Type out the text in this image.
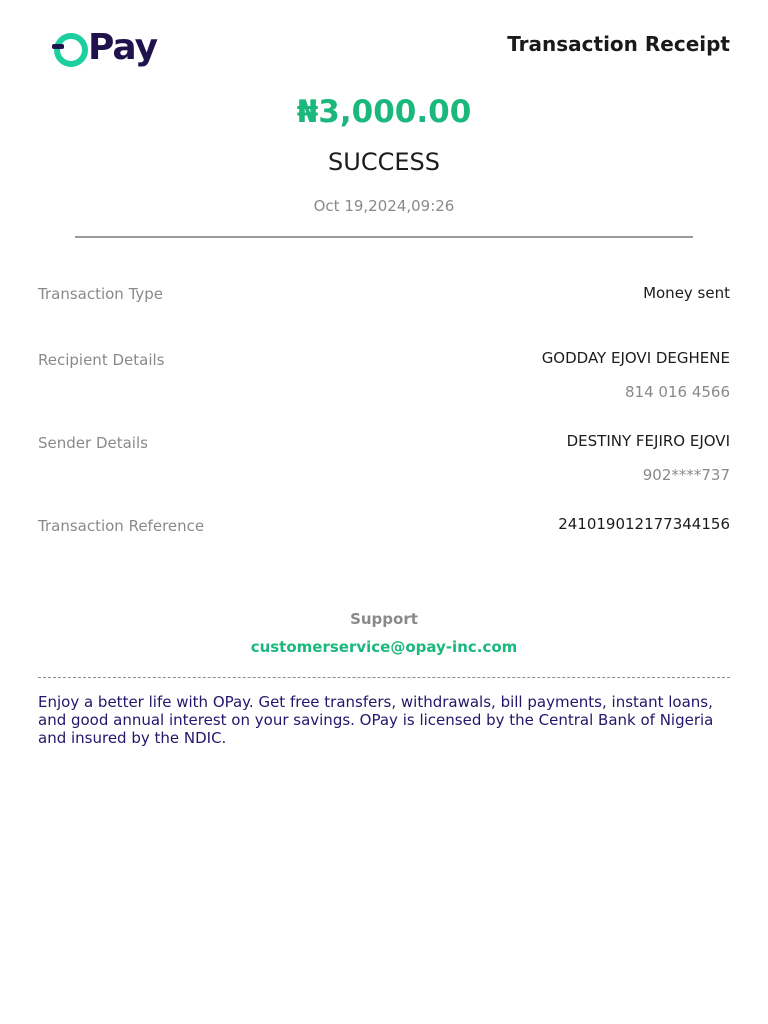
Pay	Transaction Receipt
₦3,000.00
SUCCESS
Oct 19,2024,09:26
Transaction Type	Money sent
Recipient Details	GODDAY EJOVI DEGHENE
814 016 4566
Sender Details	DESTINY FEJIRO EJOVI
902****737
Transaction Reference	241019012177344156
Support
customerservice@opay-inc.com
Enjoy a better life with OPay. Get free transfers, withdrawals, bill payments, instant loans, and good annual interest on your savings. OPay is licensed by the Central Bank of Nigeria and insured by the NDIC.
